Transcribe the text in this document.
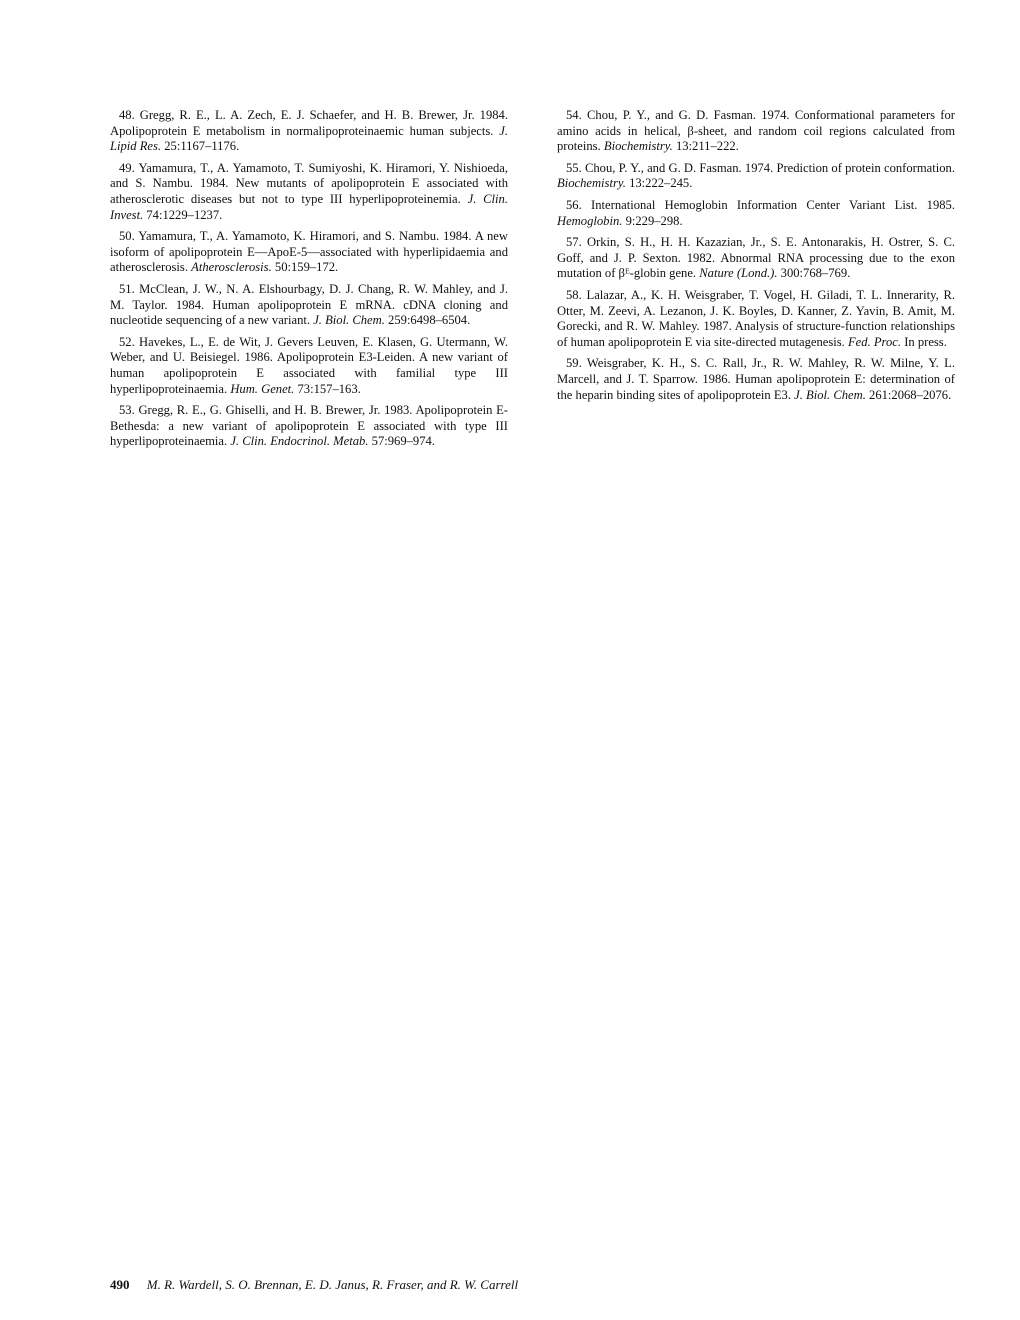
48. Gregg, R. E., L. A. Zech, E. J. Schaefer, and H. B. Brewer, Jr. 1984. Apolipoprotein E metabolism in normalipoproteinaemic human subjects. J. Lipid Res. 25:1167–1176.

49. Yamamura, T., A. Yamamoto, T. Sumiyoshi, K. Hiramori, Y. Nishioeda, and S. Nambu. 1984. New mutants of apolipoprotein E associated with atherosclerotic diseases but not to type III hyperlipoproteinemia. J. Clin. Invest. 74:1229–1237.

50. Yamamura, T., A. Yamamoto, K. Hiramori, and S. Nambu. 1984. A new isoform of apolipoprotein E—ApoE-5—associated with hyperlipidaemia and atherosclerosis. Atherosclerosis. 50:159–172.

51. McClean, J. W., N. A. Elshourbagy, D. J. Chang, R. W. Mahley, and J. M. Taylor. 1984. Human apolipoprotein E mRNA. cDNA cloning and nucleotide sequencing of a new variant. J. Biol. Chem. 259:6498–6504.

52. Havekes, L., E. de Wit, J. Gevers Leuven, E. Klasen, G. Utermann, W. Weber, and U. Beisiegel. 1986. Apolipoprotein E3-Leiden. A new variant of human apolipoprotein E associated with familial type III hyperlipoproteinaemia. Hum. Genet. 73:157–163.

53. Gregg, R. E., G. Ghiselli, and H. B. Brewer, Jr. 1983. Apolipoprotein E-Bethesda: a new variant of apolipoprotein E associated with type III hyperlipoproteinaemia. J. Clin. Endocrinol. Metab. 57:969–974.

54. Chou, P. Y., and G. D. Fasman. 1974. Conformational parameters for amino acids in helical, β-sheet, and random coil regions calculated from proteins. Biochemistry. 13:211–222.

55. Chou, P. Y., and G. D. Fasman. 1974. Prediction of protein conformation. Biochemistry. 13:222–245.

56. International Hemoglobin Information Center Variant List. 1985. Hemoglobin. 9:229–298.

57. Orkin, S. H., H. H. Kazazian, Jr., S. E. Antonarakis, H. Ostrer, S. C. Goff, and J. P. Sexton. 1982. Abnormal RNA processing due to the exon mutation of βᴱ-globin gene. Nature (Lond.). 300:768–769.

58. Lalazar, A., K. H. Weisgraber, T. Vogel, H. Giladi, T. L. Innerarity, R. Otter, M. Zeevi, A. Lezanon, J. K. Boyles, D. Kanner, Z. Yavin, B. Amit, M. Gorecki, and R. W. Mahley. 1987. Analysis of structure-function relationships of human apolipoprotein E via site-directed mutagenesis. Fed. Proc. In press.

59. Weisgraber, K. H., S. C. Rall, Jr., R. W. Mahley, R. W. Milne, Y. L. Marcell, and J. T. Sparrow. 1986. Human apolipoprotein E: determination of the heparin binding sites of apolipoprotein E3. J. Biol. Chem. 261:2068–2076.

490 M. R. Wardell, S. O. Brennan, E. D. Janus, R. Fraser, and R. W. Carrell
